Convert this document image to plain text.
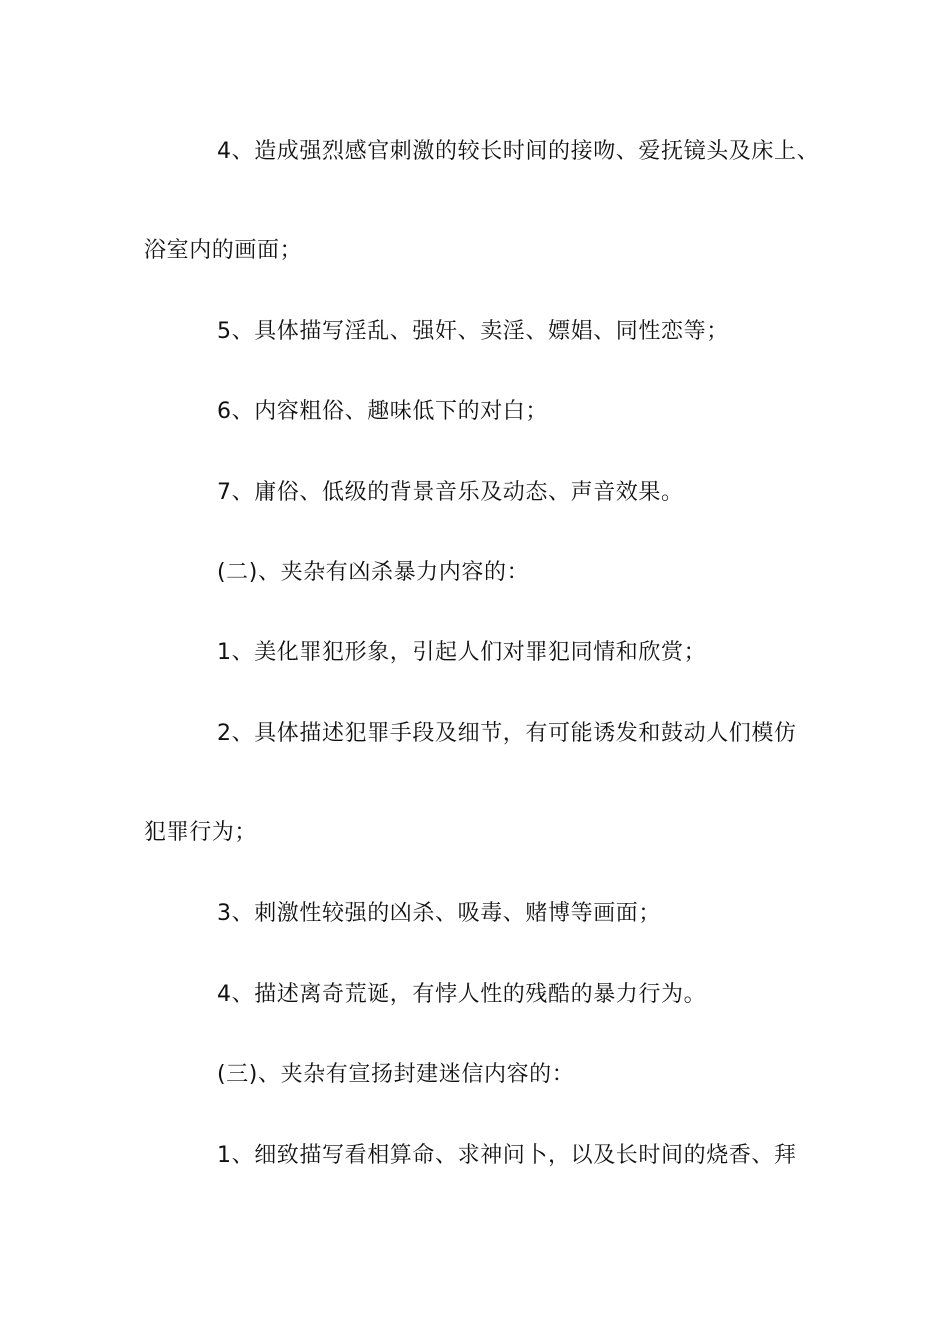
4、造成强烈感官刺激的较长时间的接吻、爱抚镜头及床上、
浴室内的画面；
5、具体描写淫乱、强奸、卖淫、嫖娼、同性恋等；
6、内容粗俗、趣味低下的对白；
7、庸俗、低级的背景音乐及动态、声音效果。
(二)、夹杂有凶杀暴力内容的：
1、美化罪犯形象，引起人们对罪犯同情和欣赏；
2、具体描述犯罪手段及细节，有可能诱发和鼓动人们模仿
犯罪行为；
3、刺激性较强的凶杀、吸毒、赌博等画面；
4、描述离奇荒诞，有悖人性的残酷的暴力行为。
(三)、夹杂有宣扬封建迷信内容的：
1、细致描写看相算命、求神问卜，以及长时间的烧香、拜
